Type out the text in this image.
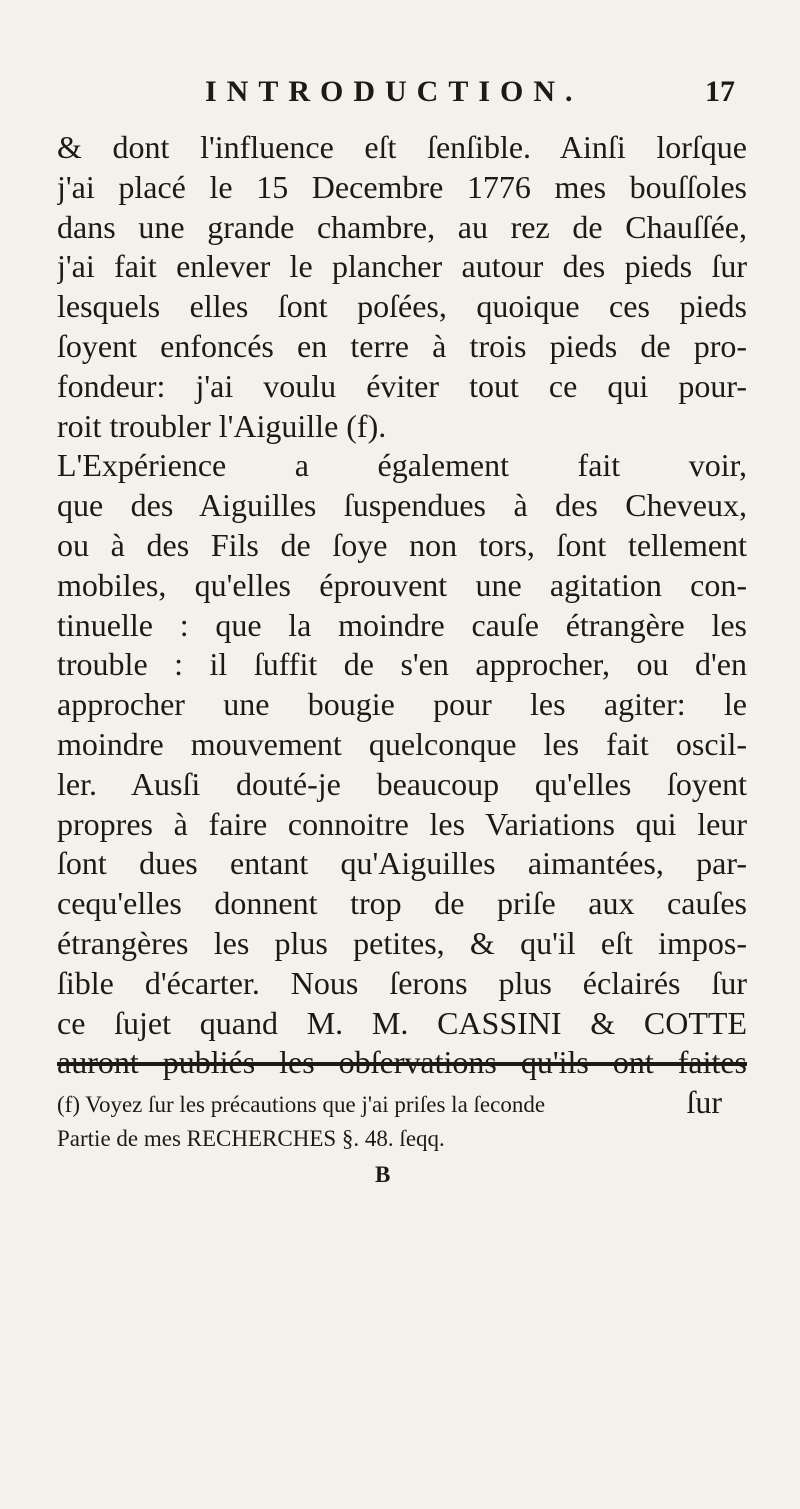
INTRODUCTION.	17
& dont l'influence eſt ſenſible. Ainſi lorſque
j'ai placé le 15 Decembre 1776 mes bouſſoles
dans une grande chambre, au rez de Chauſſée,
j'ai fait enlever le plancher autour des pieds ſur
lesquels elles ſont poſées, quoique ces pieds
ſoyent enfoncés en terre à trois pieds de pro-
fondeur: j'ai voulu éviter tout ce qui pour-
roit troubler l'Aiguille (f).
L'Expérience a également fait voir,
que des Aiguilles ſuspendues à des Cheveux,
ou à des Fils de ſoye non tors, ſont tellement
mobiles, qu'elles éprouvent une agitation con-
tinuelle : que la moindre cauſe étrangère les
trouble : il ſuffit de s'en approcher, ou d'en
approcher une bougie pour les agiter: le
moindre mouvement quelconque les fait oscil-
ler. Ausſi douté-je beaucoup qu'elles ſoyent
propres à faire connoitre les Variations qui leur
ſont dues entant qu'Aiguilles aimantées, par-
cequ'elles donnent trop de priſe aux cauſes
étrangères les plus petites, & qu'il eſt impos-
ſible d'écarter. Nous ſerons plus éclairés ſur
ce ſujet quand M. M. CASSINI & COTTE
auront publiés les obſervations qu'ils ont faites
ſur
(f) Voyez ſur les précautions que j'ai priſes la ſeconde
Partie de mes RECHERCHES §. 48. ſeqq.
B
